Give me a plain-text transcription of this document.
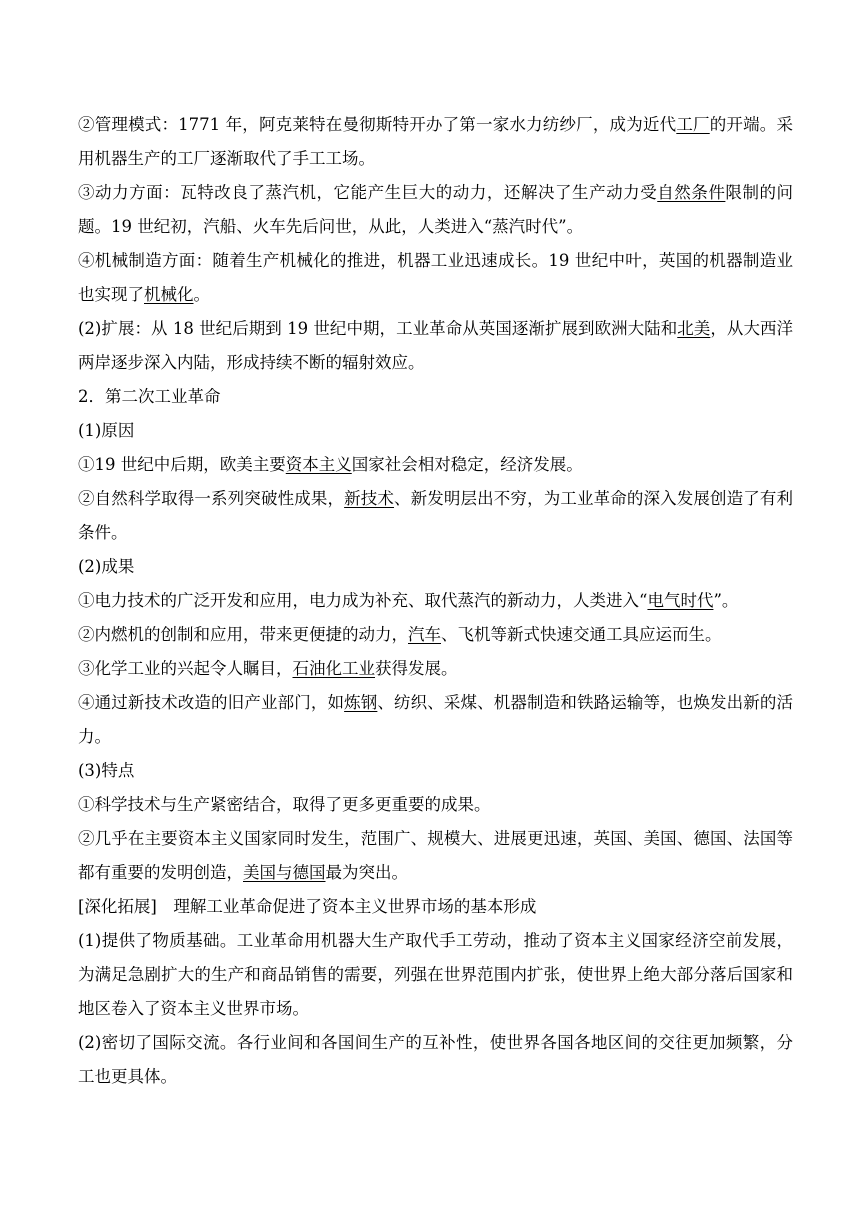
②管理模式：1771 年，阿克莱特在曼彻斯特开办了第一家水力纺纱厂，成为近代工厂的开端。采用机器生产的工厂逐渐取代了手工工场。

③动力方面：瓦特改良了蒸汽机，它能产生巨大的动力，还解决了生产动力受自然条件限制的问题。19 世纪初，汽船、火车先后问世，从此，人类进入“蒸汽时代”。

④机械制造方面：随着生产机械化的推进，机器工业迅速成长。19 世纪中叶，英国的机器制造业也实现了机械化。

(2)扩展：从 18 世纪后期到 19 世纪中期，工业革命从英国逐渐扩展到欧洲大陆和北美，从大西洋两岸逐步深入内陆，形成持续不断的辐射效应。

2．第二次工业革命

(1)原因

①19 世纪中后期，欧美主要资本主义国家社会相对稳定，经济发展。

②自然科学取得一系列突破性成果，新技术、新发明层出不穷，为工业革命的深入发展创造了有利条件。

(2)成果

①电力技术的广泛开发和应用，电力成为补充、取代蒸汽的新动力，人类进入“电气时代”。

②内燃机的创制和应用，带来更便捷的动力，汽车、飞机等新式快速交通工具应运而生。

③化学工业的兴起令人瞩目，石油化工业获得发展。

④通过新技术改造的旧产业部门，如炼钢、纺织、采煤、机器制造和铁路运输等，也焕发出新的活力。

(3)特点

①科学技术与生产紧密结合，取得了更多更重要的成果。

②几乎在主要资本主义国家同时发生，范围广、规模大、进展更迅速，英国、美国、德国、法国等都有重要的发明创造，美国与德国最为突出。

[深化拓展]　理解工业革命促进了资本主义世界市场的基本形成

(1)提供了物质基础。工业革命用机器大生产取代手工劳动，推动了资本主义国家经济空前发展，为满足急剧扩大的生产和商品销售的需要，列强在世界范围内扩张，使世界上绝大部分落后国家和地区卷入了资本主义世界市场。

(2)密切了国际交流。各行业间和各国间生产的互补性，使世界各国各地区间的交往更加频繁，分工也更具体。
